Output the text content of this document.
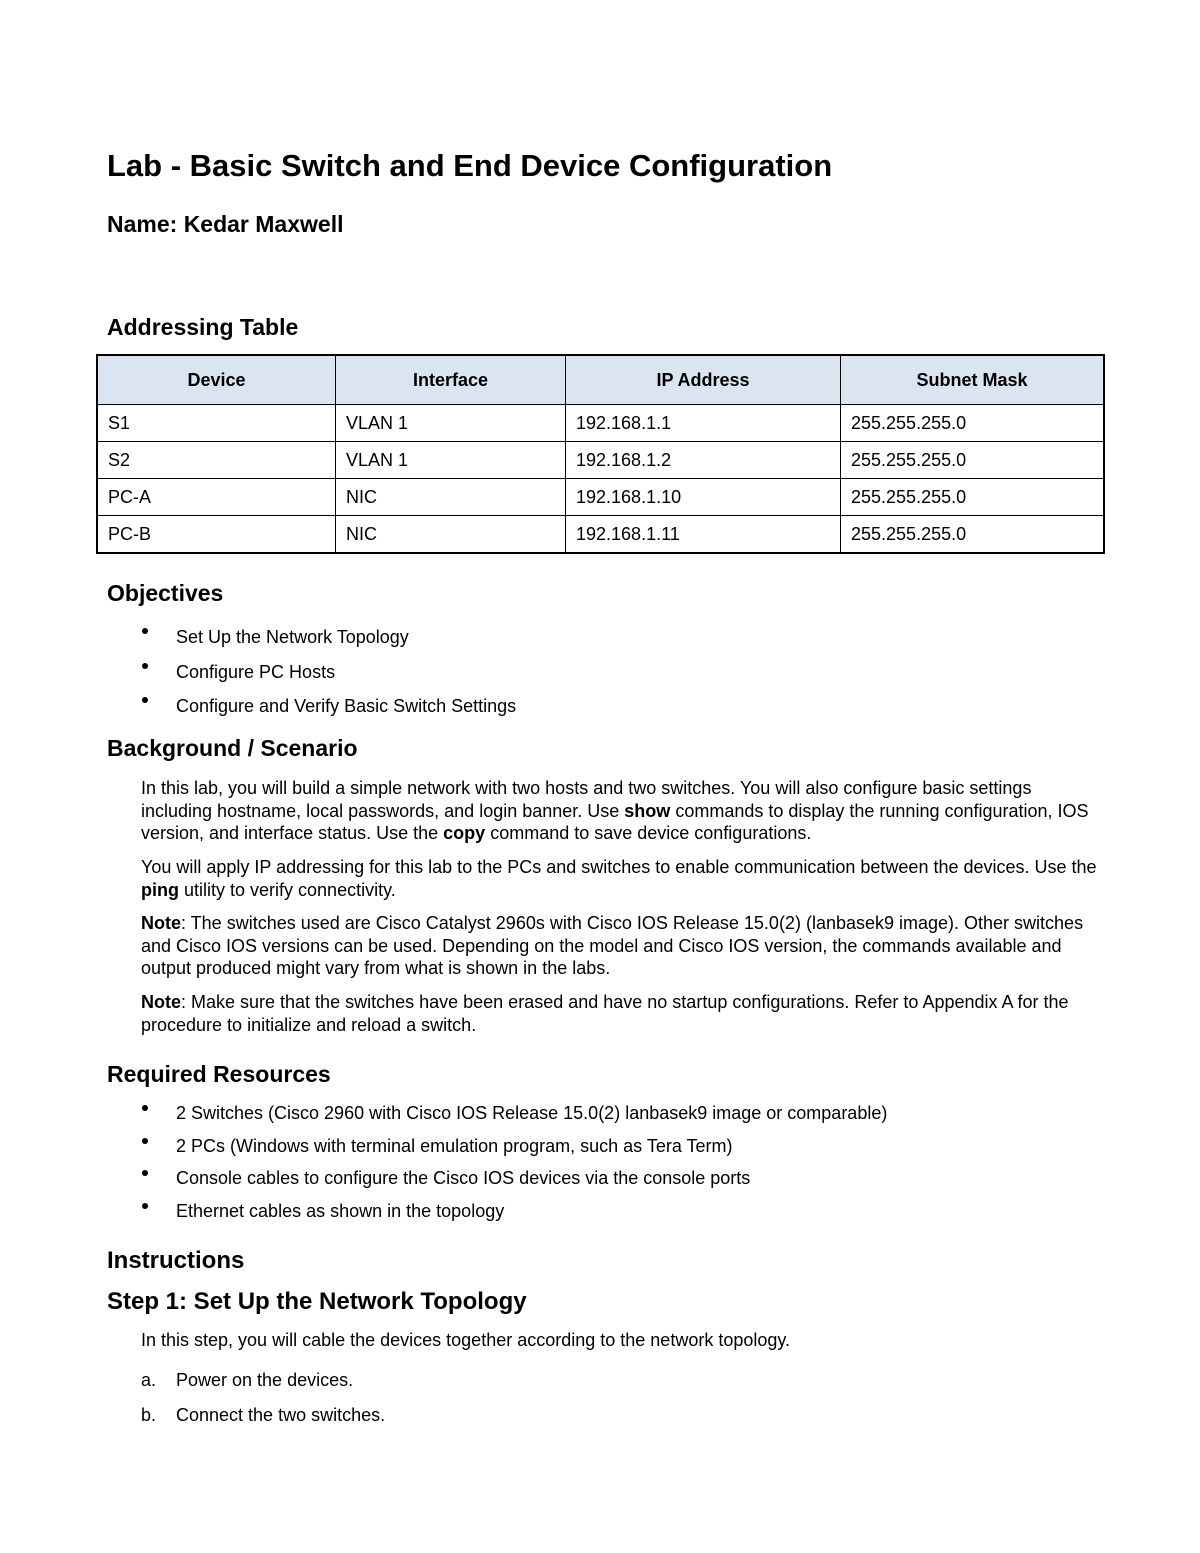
Lab - Basic Switch and End Device Configuration
Name: Kedar Maxwell
Addressing Table
Device	Interface	IP Address	Subnet Mask
S1	VLAN 1	192.168.1.1	255.255.255.0
S2	VLAN 1	192.168.1.2	255.255.255.0
PC-A	NIC	192.168.1.10	255.255.255.0
PC-B	NIC	192.168.1.11	255.255.255.0
Objectives
Set Up the Network Topology
Configure PC Hosts
Configure and Verify Basic Switch Settings
Background / Scenario
In this lab, you will build a simple network with two hosts and two switches. You will also configure basic settings including hostname, local passwords, and login banner. Use show commands to display the running configuration, IOS version, and interface status. Use the copy command to save device configurations.
You will apply IP addressing for this lab to the PCs and switches to enable communication between the devices. Use the ping utility to verify connectivity.
Note: The switches used are Cisco Catalyst 2960s with Cisco IOS Release 15.0(2) (lanbasek9 image). Other switches and Cisco IOS versions can be used. Depending on the model and Cisco IOS version, the commands available and output produced might vary from what is shown in the labs.
Note: Make sure that the switches have been erased and have no startup configurations. Refer to Appendix A for the procedure to initialize and reload a switch.
Required Resources
2 Switches (Cisco 2960 with Cisco IOS Release 15.0(2) lanbasek9 image or comparable)
2 PCs (Windows with terminal emulation program, such as Tera Term)
Console cables to configure the Cisco IOS devices via the console ports
Ethernet cables as shown in the topology
Instructions
Step 1: Set Up the Network Topology
In this step, you will cable the devices together according to the network topology.
a. Power on the devices.
b. Connect the two switches.
